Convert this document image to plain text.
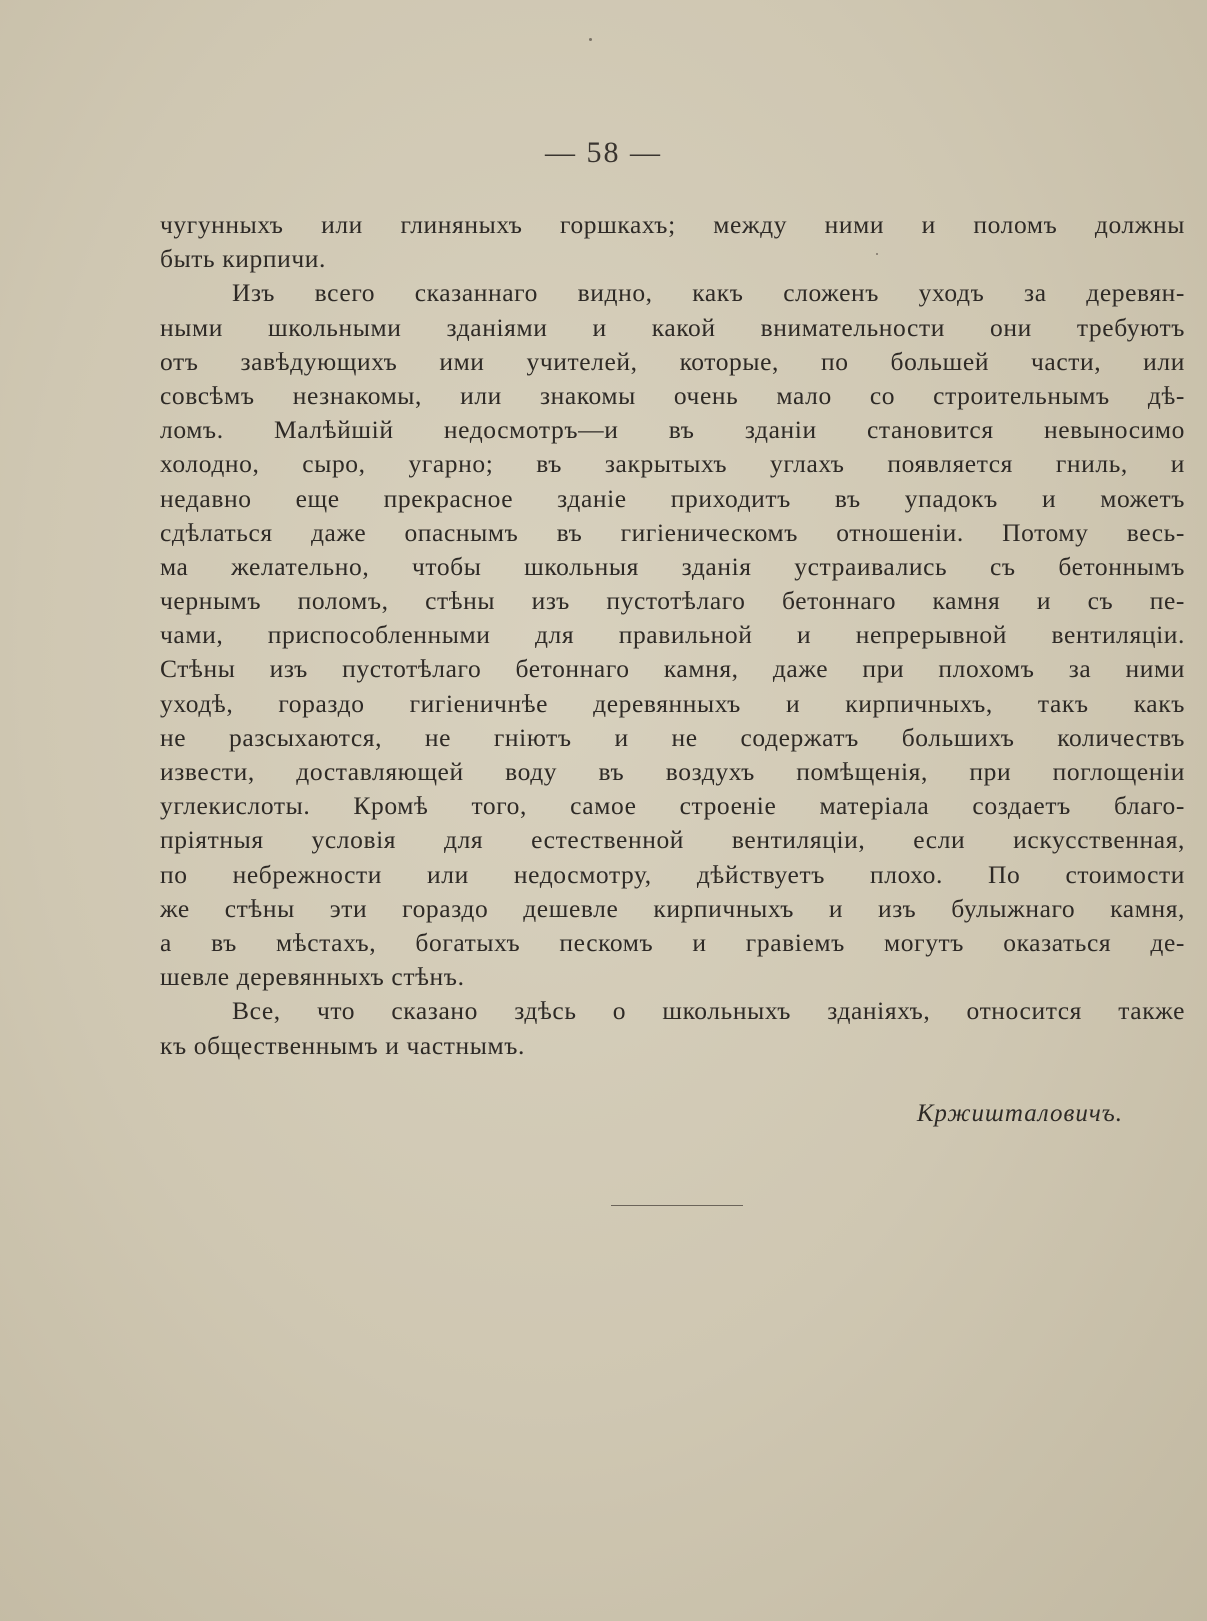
— 58 —
чугунныхъ или глиняныхъ горшкахъ; между ними и поломъ должны
быть кирпичи.
Изъ всего сказаннаго видно, какъ сложенъ уходъ за деревян-
ными школьными зданіями и какой внимательности они требуютъ
отъ завѣдующихъ ими учителей, которые, по большей части, или
совсѣмъ незнакомы, или знакомы очень мало со строительнымъ дѣ-
ломъ. Малѣйшій недосмотръ—и въ зданіи становится невыносимо
холодно, сыро, угарно; въ закрытыхъ углахъ появляется гниль, и
недавно еще прекрасное зданіе приходитъ въ упадокъ и можетъ
сдѣлаться даже опаснымъ въ гигіеническомъ отношеніи. Потому весь-
ма желательно, чтобы школьныя зданія устраивались съ бетоннымъ
чернымъ поломъ, стѣны изъ пустотѣлаго бетоннаго камня и съ пе-
чами, приспособленными для правильной и непрерывной вентиляціи.
Стѣны изъ пустотѣлаго бетоннаго камня, даже при плохомъ за ними
уходѣ, гораздо гигіеничнѣе деревянныхъ и кирпичныхъ, такъ какъ
не разсыхаются, не гніютъ и не содержатъ большихъ количествъ
извести, доставляющей воду въ воздухъ помѣщенія, при поглощеніи
углекислоты. Кромѣ того, самое строеніе матеріала создаетъ благо-
пріятныя условія для естественной вентиляціи, если искусственная,
по небрежности или недосмотру, дѣйствуетъ плохо. По стоимости
же стѣны эти гораздо дешевле кирпичныхъ и изъ булыжнаго камня,
а въ мѣстахъ, богатыхъ пескомъ и гравіемъ могутъ оказаться де-
шевле деревянныхъ стѣнъ.
Все, что сказано здѣсь о школьныхъ зданіяхъ, относится также
къ общественнымъ и частнымъ.
Кржишталовичъ.
